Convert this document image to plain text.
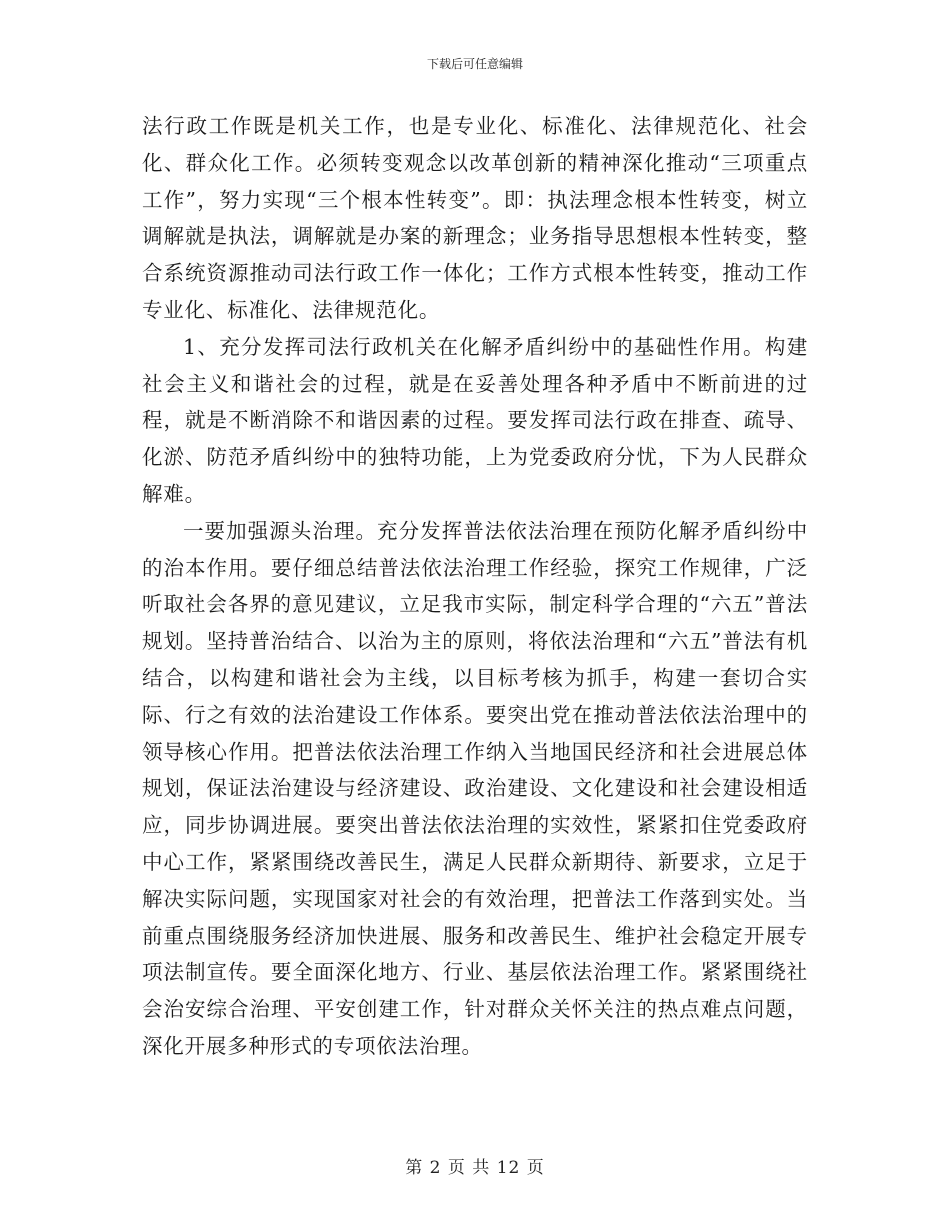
下载后可任意编辑

法行政工作既是机关工作，也是专业化、标准化、法律规范化、社会化、群众化工作。必须转变观念以改革创新的精神深化推动“三项重点工作”，努力实现“三个根本性转变”。即：执法理念根本性转变，树立调解就是执法，调解就是办案的新理念；业务指导思想根本性转变，整合系统资源推动司法行政工作一体化；工作方式根本性转变，推动工作专业化、标准化、法律规范化。

1、充分发挥司法行政机关在化解矛盾纠纷中的基础性作用。构建社会主义和谐社会的过程，就是在妥善处理各种矛盾中不断前进的过程，就是不断消除不和谐因素的过程。要发挥司法行政在排查、疏导、化淤、防范矛盾纠纷中的独特功能，上为党委政府分忧，下为人民群众解难。

一要加强源头治理。充分发挥普法依法治理在预防化解矛盾纠纷中的治本作用。要仔细总结普法依法治理工作经验，探究工作规律，广泛听取社会各界的意见建议，立足我市实际，制定科学合理的“六五”普法规划。坚持普治结合、以治为主的原则，将依法治理和“六五”普法有机结合，以构建和谐社会为主线，以目标考核为抓手，构建一套切合实际、行之有效的法治建设工作体系。要突出党在推动普法依法治理中的领导核心作用。把普法依法治理工作纳入当地国民经济和社会进展总体规划，保证法治建设与经济建设、政治建设、文化建设和社会建设相适应，同步协调进展。要突出普法依法治理的实效性，紧紧扣住党委政府中心工作，紧紧围绕改善民生，满足人民群众新期待、新要求，立足于解决实际问题，实现国家对社会的有效治理，把普法工作落到实处。当前重点围绕服务经济加快进展、服务和改善民生、维护社会稳定开展专项法制宣传。要全面深化地方、行业、基层依法治理工作。紧紧围绕社会治安综合治理、平安创建工作，针对群众关怀关注的热点难点问题，深化开展多种形式的专项依法治理。

第 2 页 共 12 页
